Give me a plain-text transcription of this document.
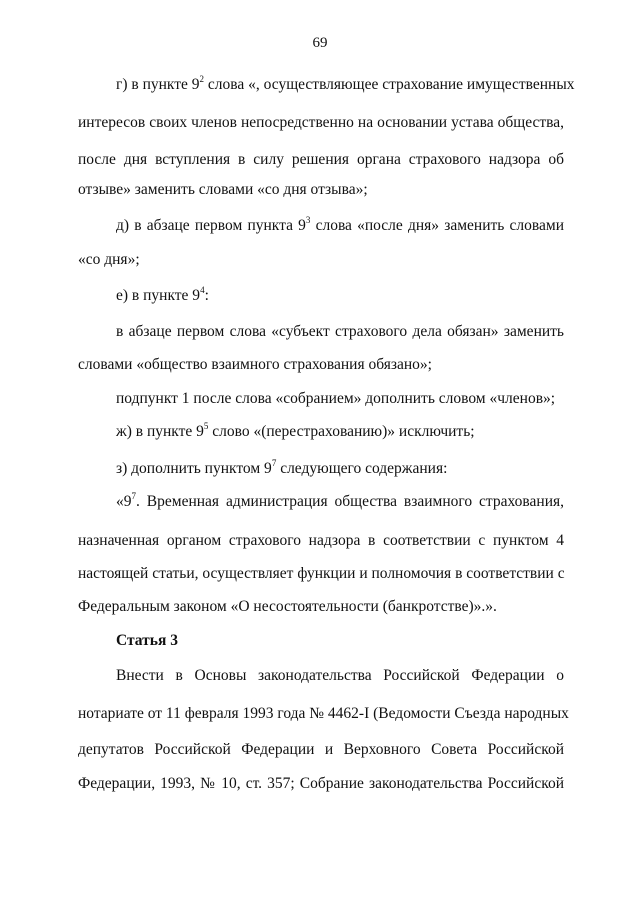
69
г) в пункте $9^2$ слова «, осуществляющее страхование имущественных
интересов своих членов непосредственно на основании устава общества,
после дня вступления в силу решения органа страхового надзора об
отзыве» заменить словами «со дня отзыва»;
д) в абзаце первом пункта $9^3$ слова «после дня» заменить словами
«со дня»;
е) в пункте $9^4$:
в абзаце первом слова «субъект страхового дела обязан» заменить
словами «общество взаимного страхования обязано»;
подпункт 1 после слова «собранием» дополнить словом «членов»;
ж) в пункте $9^5$ слово «(перестрахованию)» исключить;
з) дополнить пунктом $9^7$ следующего содержания:
«$9^7$. Временная администрация общества взаимного страхования,
назначенная органом страхового надзора в соответствии с пунктом 4
настоящей статьи, осуществляет функции и полномочия в соответствии с
Федеральным законом «О несостоятельности (банкротстве)».».
Статья 3
Внести в Основы законодательства Российской Федерации о
нотариате от 11 февраля 1993 года № 4462-I (Ведомости Съезда народных
депутатов Российской Федерации и Верховного Совета Российской
Федерации, 1993, № 10, ст. 357; Собрание законодательства Российской
